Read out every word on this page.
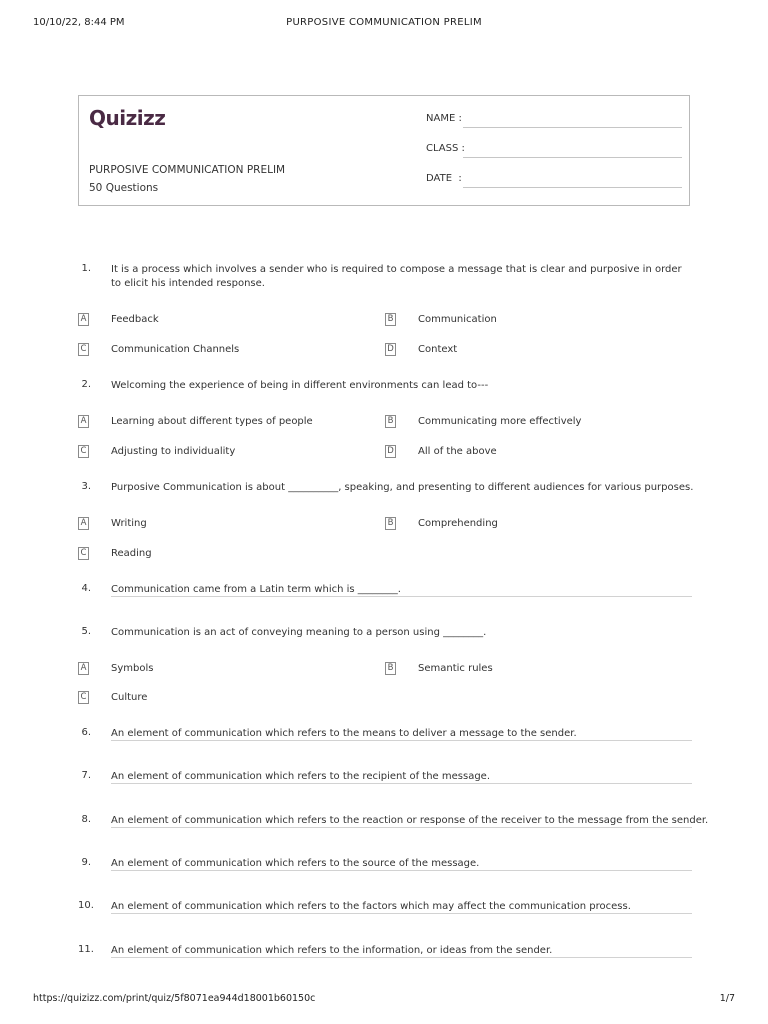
10/10/22, 8:44 PM	PURPOSIVE COMMUNICATION PRELIM
https://quizizz.com/print/quiz/5f8071ea944d18001b60150c	1/7
Quizizz
PURPOSIVE COMMUNICATION PRELIM
50 Questions
NAME :
CLASS :
DATE  :
1. It is a process which involves a sender who is required to compose a message that is clear and purposive in order to elicit his intended response.
A Feedback	B Communication
C Communication Channels	D Context
2. Welcoming the experience of being in different environments can lead to---
A Learning about different types of people	B Communicating more effectively
C Adjusting to individuality	D All of the above
3. Purposive Communication is about __________, speaking, and presenting to different audiences for various purposes.
A Writing	B Comprehending
C Reading
4. Communication came from a Latin term which is ________.
5. Communication is an act of conveying meaning to a person using ________.
A Symbols	B Semantic rules
C Culture
6. An element of communication which refers to the means to deliver a message to the sender.
7. An element of communication which refers to the recipient of the message.
8. An element of communication which refers to the reaction or response of the receiver to the message from the sender.
9. An element of communication which refers to the source of the message.
10. An element of communication which refers to the factors which may affect the communication process.
11. An element of communication which refers to the information, or ideas from the sender.
